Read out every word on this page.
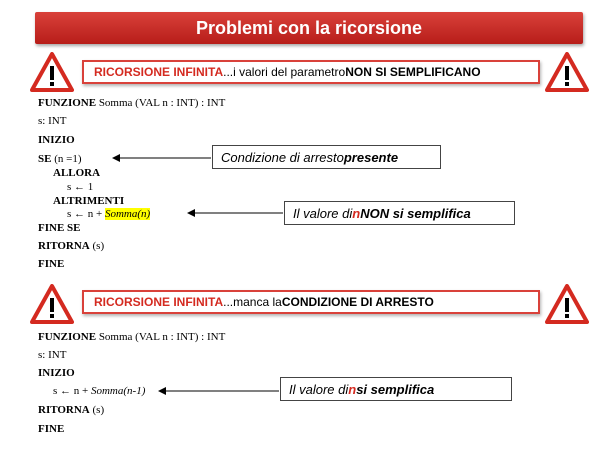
Problemi con la ricorsione
RICORSIONE INFINITA ...i valori del parametro NON SI SEMPLIFICANO
FUNZIONE Somma (VAL n : INT) : INT
s: INT
INIZIO
SE (n =1)
ALLORA
s ← 1
ALTRIMENTI
s ← n + Somma(n)
FINE SE
RITORNA (s)
FINE
Condizione di arresto presente
Il valore di n NON si semplifica
RICORSIONE INFINITA ...manca la CONDIZIONE DI ARRESTO
FUNZIONE Somma (VAL n : INT) : INT
s: INT
INIZIO
s ← n + Somma(n-1)
RITORNA (s)
FINE
Il valore di n si semplifica
